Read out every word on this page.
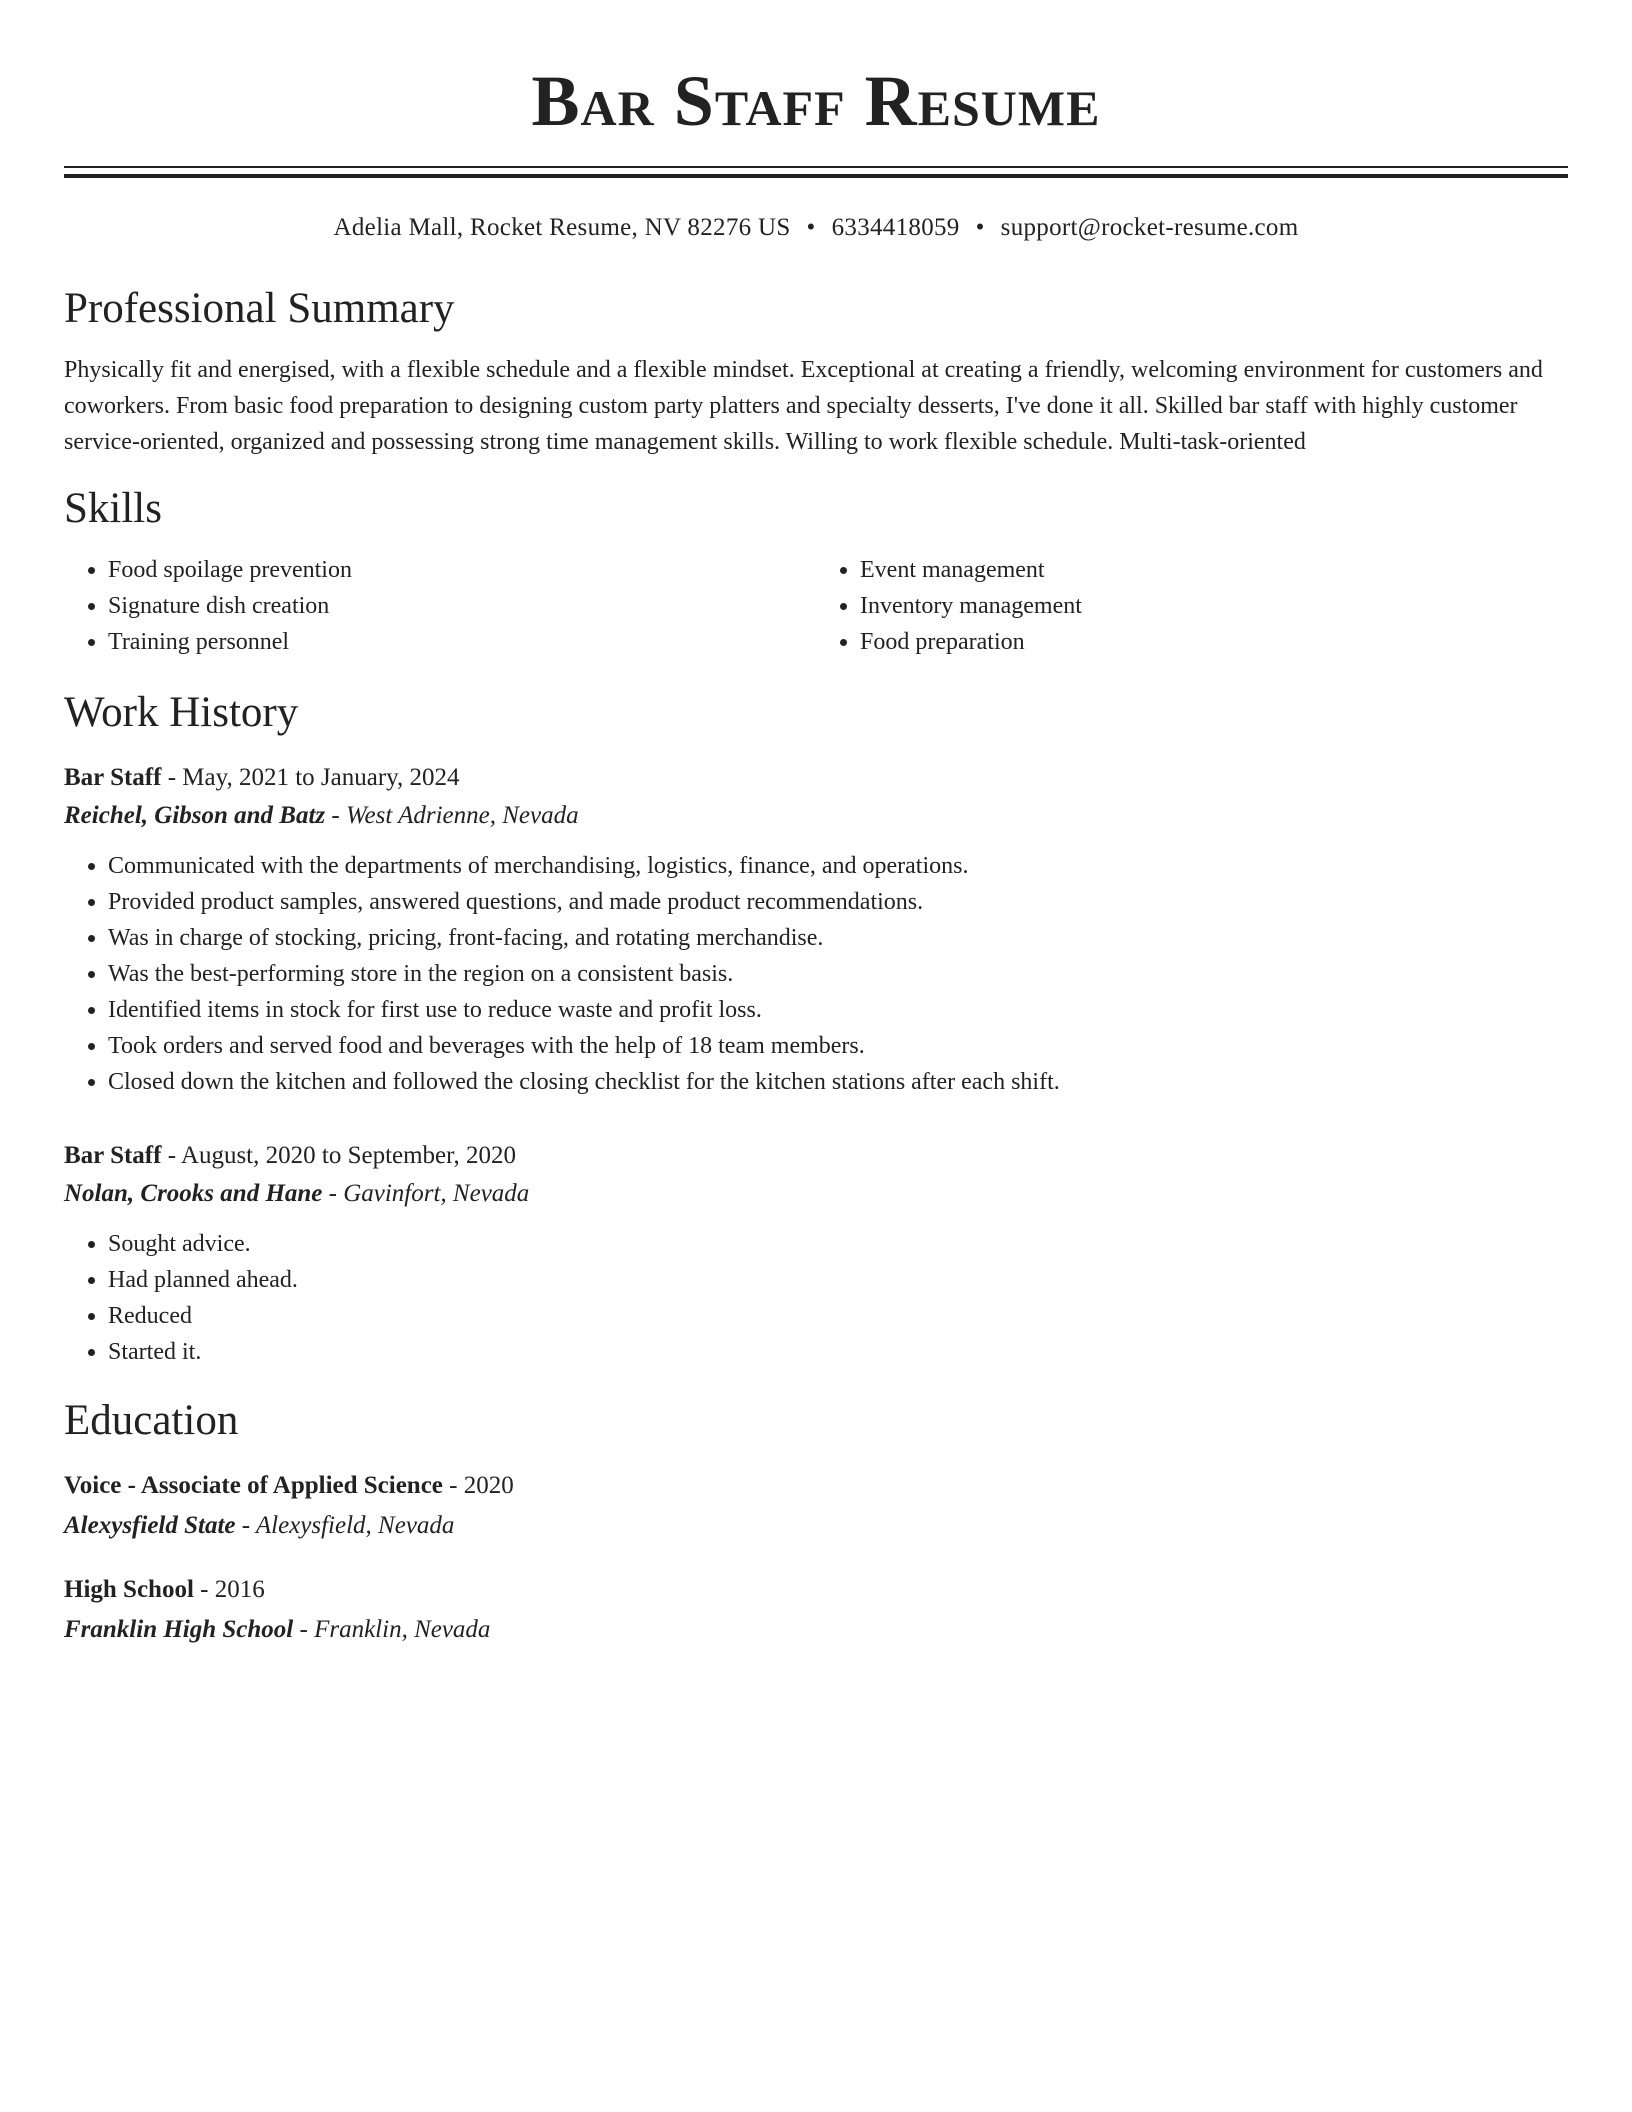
Bar Staff Resume
Adelia Mall, Rocket Resume, NV 82276 US • 6334418059 • support@rocket-resume.com
Professional Summary

Physically fit and energised, with a flexible schedule and a flexible mindset. Exceptional at creating a friendly, welcoming environment for customers and coworkers. From basic food preparation to designing custom party platters and specialty desserts, I've done it all. Skilled bar staff with highly customer service-oriented, organized and possessing strong time management skills. Willing to work flexible schedule. Multi-task-oriented

Skills
• Food spoilage prevention
• Signature dish creation
• Training personnel
• Event management
• Inventory management
• Food preparation
Work History
Bar Staff - May, 2021 to January, 2024
Reichel, Gibson and Batz - West Adrienne, Nevada
• Communicated with the departments of merchandising, logistics, finance, and operations.
• Provided product samples, answered questions, and made product recommendations.
• Was in charge of stocking, pricing, front-facing, and rotating merchandise.
• Was the best-performing store in the region on a consistent basis.
• Identified items in stock for first use to reduce waste and profit loss.
• Took orders and served food and beverages with the help of 18 team members.
• Closed down the kitchen and followed the closing checklist for the kitchen stations after each shift.
Bar Staff - August, 2020 to September, 2020
Nolan, Crooks and Hane - Gavinfort, Nevada
• Sought advice.
• Had planned ahead.
• Reduced
• Started it.
Education
Voice - Associate of Applied Science - 2020
Alexysfield State - Alexysfield, Nevada
High School - 2016
Franklin High School - Franklin, Nevada
